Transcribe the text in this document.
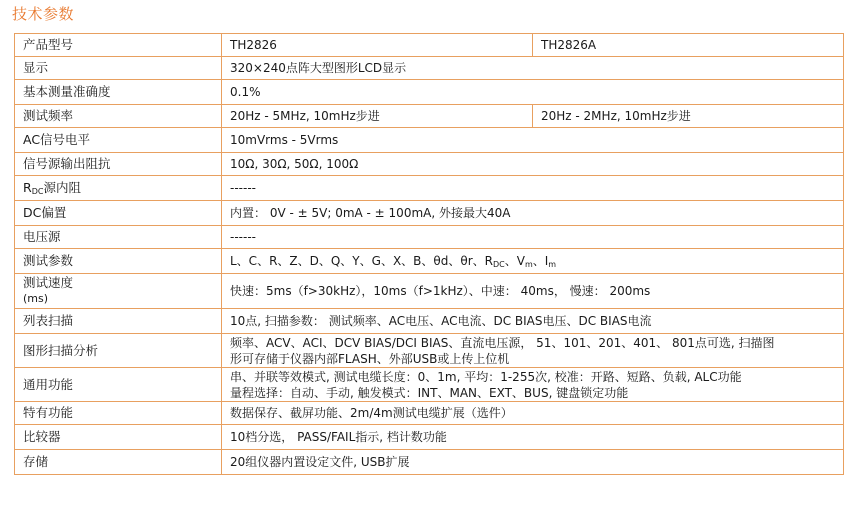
技术参数
产品型号	TH2826	TH2826A
显示	320×240点阵大型图形LCD显示	
基本测量准确度	0.1%	
测试频率	20Hz - 5MHz, 10mHz步进	20Hz - 2MHz, 10mHz步进
AC信号电平	10mVrms - 5Vrms	
信号源输出阻抗	10Ω, 30Ω, 50Ω, 100Ω	
$R_{DC}$源内阻	------	
DC偏置	内置： 0V - ± 5V; 0mA - ± 100mA, 外接最大40A	
电压源	------	
测试参数	L、C、R、Z、D、Q、Y、G、X、B、θd、θr、$R_{DC}$、$V_m$、$I_m$

测试速度
(ms)	快速：5ms（f>30kHz），10ms（f>1kHz）、中速： 40ms， 慢速： 200ms	
列表扫描	10点, 扫描参数： 测试频率、AC电压、AC电流、DC BIAS电压、DC BIAS电流	
图形扫描分析	频率、ACV、ACI、DCV BIAS/DCI BIAS、直流电压源， 51、101、201、401、 801点可选, 扫描图
形可存储于仪器内部FLASH、外部USB或上传上位机	

通用功能	串、并联等效模式, 测试电缆长度：0、1m, 平均：1-255次, 校准：开路、短路、负载, ALC功能
量程选择：自动、手动, 触发模式：INT、MAN、EXT、BUS, 键盘锁定功能	

特有功能	数据保存、截屏功能、2m/4m测试电缆扩展（选件）	
比较器	10档分选， PASS/FAIL指示, 档计数功能	
存储	20组仪器内置设定文件, USB扩展	
